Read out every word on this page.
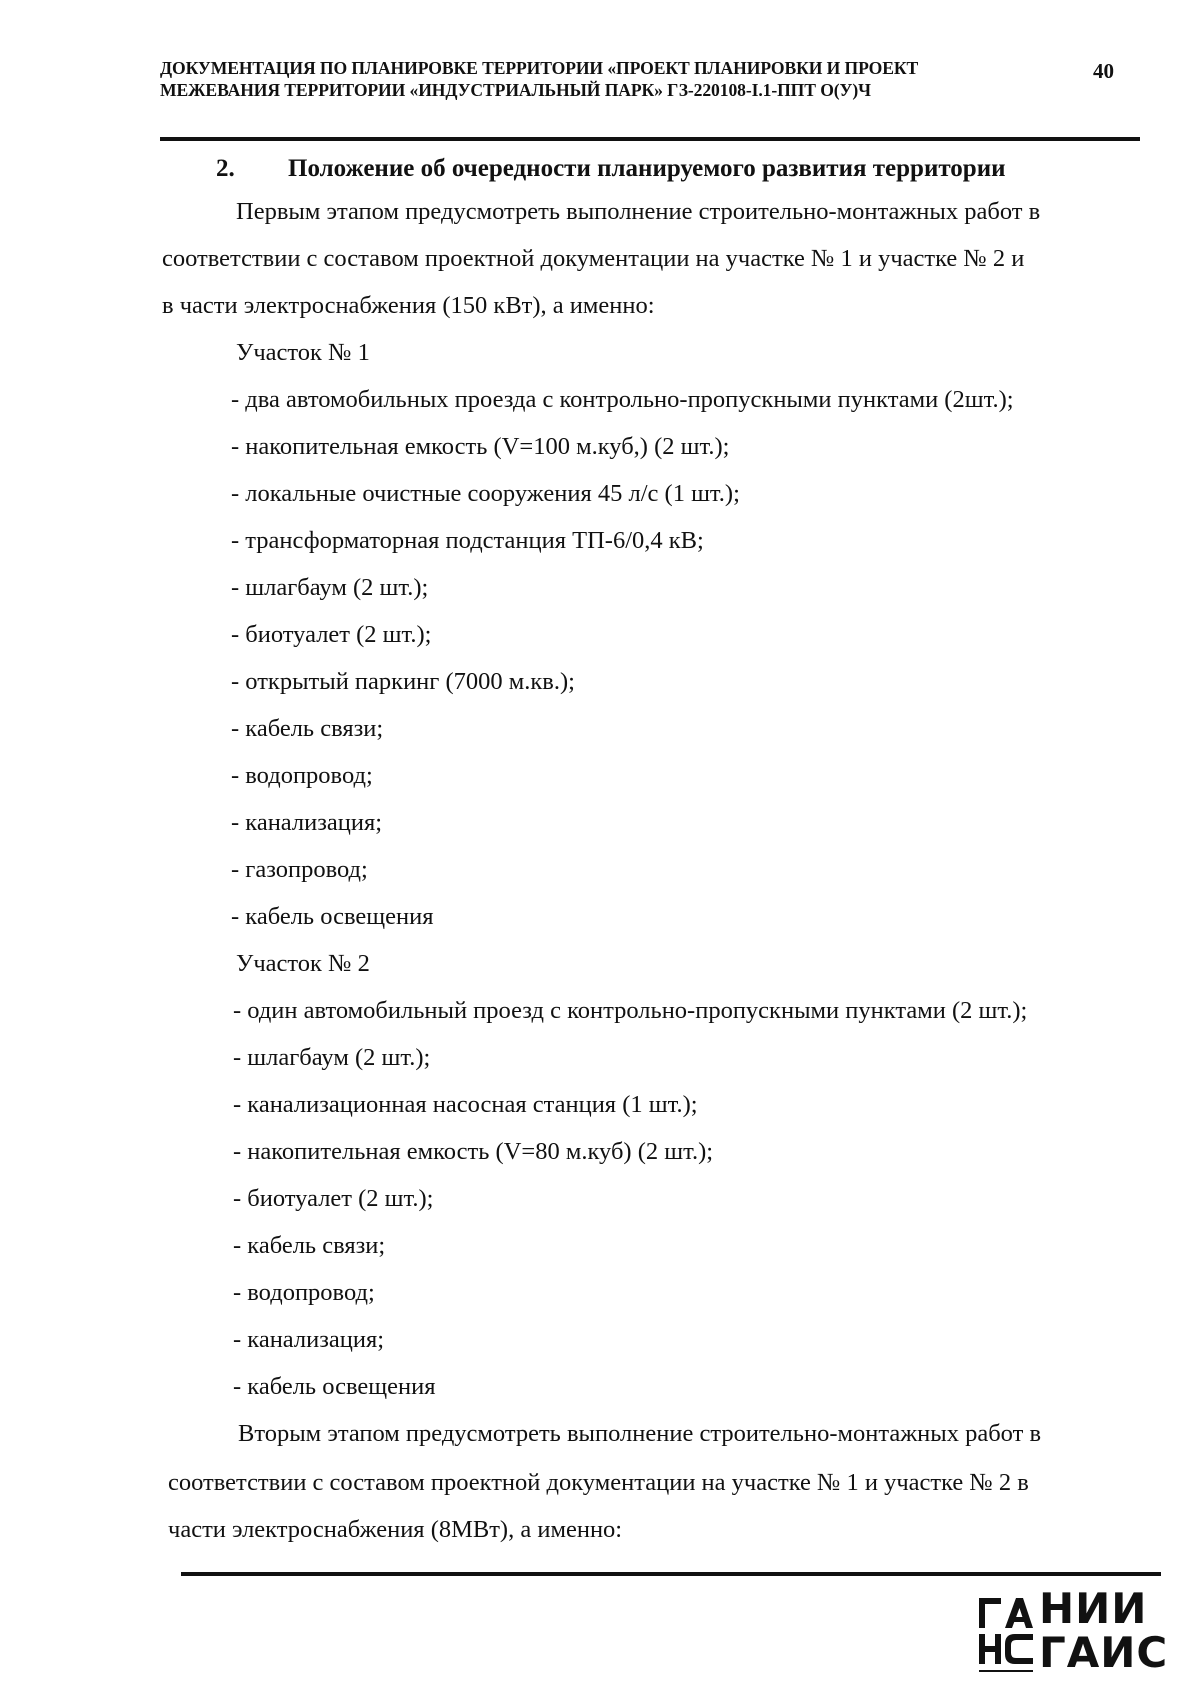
ДОКУМЕНТАЦИЯ ПО ПЛАНИРОВКЕ ТЕРРИТОРИИ «ПРОЕКТ ПЛАНИРОВКИ И ПРОЕКТ
МЕЖЕВАНИЯ ТЕРРИТОРИИ «ИНДУСТРИАЛЬНЫЙ ПАРК» ГЗ-220108-I.1-ППТ О(У)Ч
40
2. Положение об очередности планируемого развития территории
Первым этапом предусмотреть выполнение строительно-монтажных работ в
соответствии с составом проектной документации на участке № 1 и участке № 2 и
в части электроснабжения (150 кВт), а именно:
Участок № 1
- два автомобильных проезда с контрольно-пропускными пунктами (2шт.);
- накопительная емкость (V=100 м.куб,) (2 шт.);
- локальные очистные сооружения 45 л/с (1 шт.);
- трансформаторная подстанция ТП-6/0,4 кВ;
- шлагбаум (2 шт.);
- биотуалет (2 шт.);
- открытый паркинг (7000 м.кв.);
- кабель связи;
- водопровод;
- канализация;
- газопровод;
- кабель освещения
Участок № 2
- один автомобильный проезд с контрольно-пропускными пунктами (2 шт.);
- шлагбаум (2 шт.);
- канализационная насосная станция (1 шт.);
- накопительная емкость (V=80 м.куб) (2 шт.);
- биотуалет (2 шт.);
- кабель связи;
- водопровод;
- канализация;
- кабель освещения
Вторым этапом предусмотреть выполнение строительно-монтажных работ в
соответствии с составом проектной документации на участке № 1 и участке № 2 в
части электроснабжения (8МВт), а именно:
НИИ
ГАИС
